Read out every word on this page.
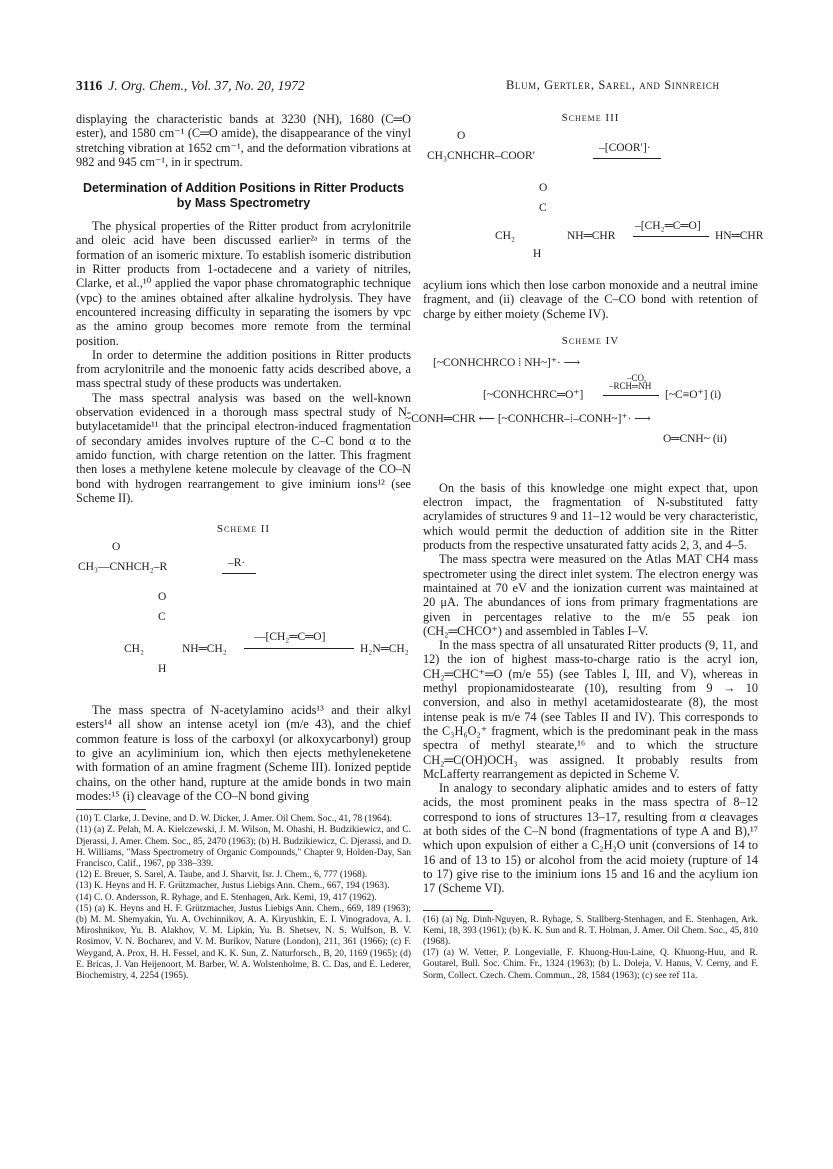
3116 J. Org. Chem., Vol. 37, No. 20, 1972	Blum, Gertler, Sarel, and Sinnreich

displaying the characteristic bands at 3230 (NH), 1680 (C═O ester), and 1580 cm⁻¹ (C═O amide), the disappearance of the vinyl stretching vibration at 1652 cm⁻¹, and the deformation vibrations at 982 and 945 cm⁻¹, in ir spectrum.

Determination of Addition Positions in Ritter Products by Mass Spectrometry

The physical properties of the Ritter product from acrylonitrile and oleic acid have been discussed earlier²ᵃ in terms of the formation of an isomeric mixture. To establish isomeric distribution in Ritter products from 1-octadecene and a variety of nitriles, Clarke, et al.,¹⁰ applied the vapor phase chromatographic technique (vpc) to the amines obtained after alkaline hydrolysis. They have encountered increasing difficulty in separating the isomers by vpc as the amino group becomes more remote from the terminal position.

In order to determine the addition positions in Ritter products from acrylonitrile and the monoenic fatty acids described above, a mass spectral study of these products was undertaken.

The mass spectral analysis was based on the well-known observation evidenced in a thorough mass spectral study of N-butylacetamide¹¹ that the principal electron-induced fragmentation of secondary amides involves rupture of the C–C bond α to the amido function, with charge retention on the latter. This fragment then loses a methylene ketene molecule by cleavage of the CO–N bond with hydrogen rearrangement to give iminium ions¹² (see Scheme II).

Scheme II
O
CH₃—CNHCH₂–R	–R·
O
C
CH₂	NH═CH₂
—[CH₂═C═O]
H₂N═CH₂
H

The mass spectra of N-acetylamino acids¹³ and their alkyl esters¹⁴ all show an intense acetyl ion (m/e 43), and the chief common feature is loss of the carboxyl (or alkoxycarbonyl) group to give an acyliminium ion, which then ejects methyleneketene with formation of an amine fragment (Scheme III). Ionized peptide chains, on the other hand, rupture at the amide bonds in two main modes:¹⁵ (i) cleavage of the CO–N bond giving

(10) T. Clarke, J. Devine, and D. W. Dicker, J. Amer. Oil Chem. Soc., 41, 78 (1964).

(11) (a) Z. Pelah, M. A. Kielczewski, J. M. Wilson, M. Ohashi, H. Budzikiewicz, and C. Djerassi, J. Amer. Chem. Soc., 85, 2470 (1963); (b) H. Budzikiewicz, C. Djerassi, and D. H. Williams, "Mass Spectrometry of Organic Compounds," Chapter 9, Holden-Day, San Francisco, Calif., 1967, pp 338–339.

(12) E. Breuer, S. Sarel, A. Taube, and J. Sharvit, Isr. J. Chem., 6, 777 (1968).

(13) K. Heyns and H. F. Grützmacher, Justus Liebigs Ann. Chem., 667, 194 (1963).

(14) C. O. Andersson, R. Ryhage, and E. Stenhagen, Ark. Kemi, 19, 417 (1962).

(15) (a) K. Heyns and H. F. Grützmacher, Justus Liebigs Ann. Chem., 669, 189 (1963); (b) M. M. Shemyakin, Yu. A. Ovchinnikov, A. A. Kiryushkin, E. I. Vinogradova, A. I. Miroshnikov, Yu. B. Alakhov, V. M. Lipkin, Yu. B. Shetsev, N. S. Wulfson, B. V. Rosimov, V. N. Bocharev, and V. M. Burikov, Nature (London), 211, 361 (1966); (c) F. Weygand, A. Prox, H. H. Fessel, and K. K. Sun, Z. Naturforsch., B, 20, 1169 (1965); (d) E. Bricas, J. Van Heijenoort, M. Barber, W. A. Wolstenholme, B. C. Das, and E. Lederer, Biochemistry, 4, 2254 (1965).

Scheme III
O
CH₃CNHCHR–COOR′
–[COOR′]·
O
C
CH₂	NH═CHR
–[CH₂═C═O]
HN═CHR
H

acylium ions which then lose carbon monoxide and a neutral imine fragment, and (ii) cleavage of the C–CO bond with retention of charge by either moiety (Scheme IV).

Scheme IV
[~CONHCHRCO ⁞ NH~]⁺· ⟶
–CO,
[~CONHCHRC═O⁺]
–RCH═NH
[~C≡O⁺] (i)
~CONH═CHR ⟵ [~CONHCHR–⁞–CONH~]⁺· ⟶
O═CNH~ (ii)

On the basis of this knowledge one might expect that, upon electron impact, the fragmentation of N-substituted fatty acrylamides of structures 9 and 11–12 would be very characteristic, which would permit the deduction of addition site in the Ritter products from the respective unsaturated fatty acids 2, 3, and 4–5.

The mass spectra were measured on the Atlas MAT CH4 mass spectrometer using the direct inlet system. The electron energy was maintained at 70 eV and the ionization current was maintained at 20 μA. The abundances of ions from primary fragmentations are given in percentages relative to the m/e 55 peak ion (CH₂═CHCO⁺) and assembled in Tables I–V.

In the mass spectra of all unsaturated Ritter products (9, 11, and 12) the ion of highest mass-to-charge ratio is the acryl ion, CH₂═CHC⁺═O (m/e 55) (see Tables I, III, and V), whereas in methyl propionamidostearate (10), resulting from 9 → 10 conversion, and also in methyl acetamidostearate (8), the most intense peak is m/e 74 (see Tables II and IV). This corresponds to the C₃H₆O₂⁺ fragment, which is the predominant peak in the mass spectra of methyl stearate,¹⁶ and to which the structure CH₂═C(OH)OCH₃ was assigned. It probably results from McLafferty rearrangement as depicted in Scheme V.

In analogy to secondary aliphatic amides and to esters of fatty acids, the most prominent peaks in the mass spectra of 8–12 correspond to ions of structures 13–17, resulting from α cleavages at both sides of the C–N bond (fragmentations of type A and B),¹⁷ which upon expulsion of either a C₂H₂O unit (conversions of 14 to 16 and of 13 to 15) or alcohol from the acid moiety (rupture of 14 to 17) give rise to the iminium ions 15 and 16 and the acylium ion 17 (Scheme VI).

(16) (a) Ng. Dinh-Nguyen, R. Ryhage, S. Stallberg-Stenhagen, and E. Stenhagen, Ark. Kemi, 18, 393 (1961); (b) K. K. Sun and R. T. Holman, J. Amer. Oil Chem. Soc., 45, 810 (1968).

(17) (a) W. Vetter, P. Longevialle, F. Khuong-Huu-Laine, Q. Khuong-Huu, and R. Goutarel, Bull. Soc. Chim. Fr., 1324 (1963); (b) L. Doleja, V. Hanus, V. Cerny, and F. Sorm, Collect. Czech. Chem. Commun., 28, 1584 (1963); (c) see ref 11a.
